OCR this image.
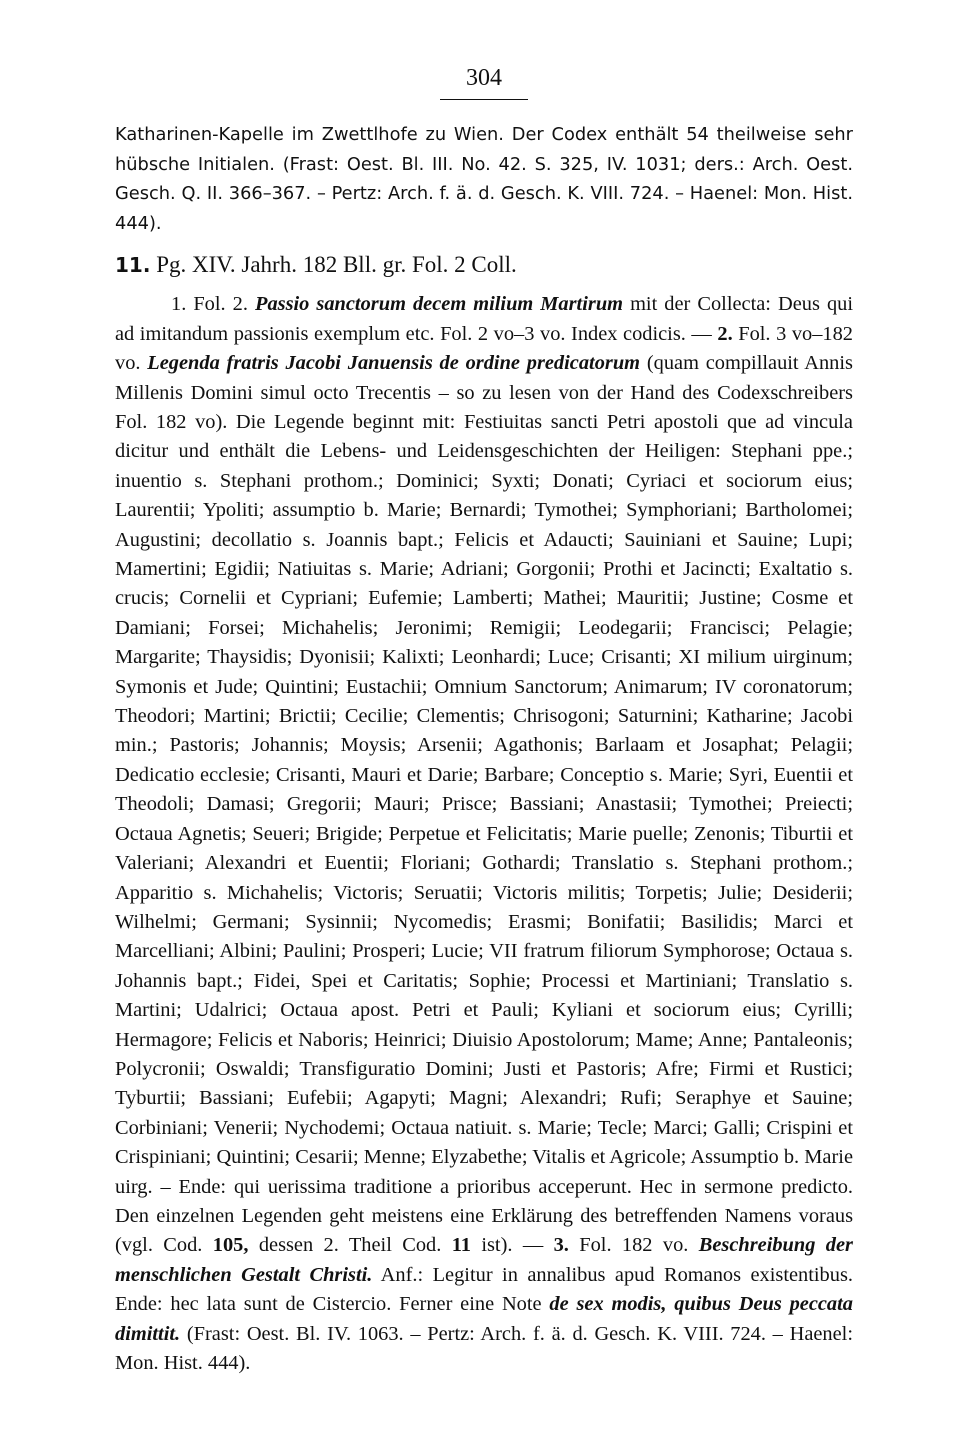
304

Katharinen-Kapelle im Zwettlhofe zu Wien. Der Codex enthält 54 theilweise sehr hübsche Initialen. (Frast: Oest. Bl. III. No. 42. S. 325, IV. 1031; ders.: Arch. Oest. Gesch. Q. II. 366–367. – Pertz: Arch. f. ä. d. Gesch. K. VIII. 724. – Haenel: Mon. Hist. 444).

11. Pg. XIV. Jahrh. 182 Bll. gr. Fol. 2 Coll.

1. Fol. 2. Passio sanctorum decem milium Martirum mit der Collecta: Deus qui ad imitandum passionis exemplum etc. Fol. 2 vo–3 vo. Index codicis. — 2. Fol. 3 vo–182 vo. Legenda fratris Jacobi Januensis de ordine predicatorum (quam compillauit Annis Millenis Domini simul octo Trecentis – so zu lesen von der Hand des Codexschreibers Fol. 182 vo). Die Legende beginnt mit: Festiuitas sancti Petri apostoli que ad vincula dicitur und enthält die Lebens- und Leidensgeschichten der Heiligen: Stephani ppe.; inuentio s. Stephani prothom.; Dominici; Syxti; Donati; Cyriaci et sociorum eius; Laurentii; Ypoliti; assumptio b. Marie; Bernardi; Tymothei; Symphoriani; Bartholomei; Augustini; decollatio s. Joannis bapt.; Felicis et Adaucti; Sauiniani et Sauine; Lupi; Mamertini; Egidii; Natiuitas s. Marie; Adriani; Gorgonii; Prothi et Jacincti; Exaltatio s. crucis; Cornelii et Cypriani; Eufemie; Lamberti; Mathei; Mauritii; Justine; Cosme et Damiani; Forsei; Michahelis; Jeronimi; Remigii; Leodegarii; Francisci; Pelagie; Margarite; Thaysidis; Dyonisii; Kalixti; Leonhardi; Luce; Crisanti; XI milium uirginum; Symonis et Jude; Quintini; Eustachii; Omnium Sanctorum; Animarum; IV coronatorum; Theodori; Martini; Brictii; Cecilie; Clementis; Chrisogoni; Saturnini; Katharine; Jacobi min.; Pastoris; Johannis; Moysis; Arsenii; Agathonis; Barlaam et Josaphat; Pelagii; Dedicatio ecclesie; Crisanti, Mauri et Darie; Barbare; Conceptio s. Marie; Syri, Euentii et Theodoli; Damasi; Gregorii; Mauri; Prisce; Bassiani; Anastasii; Tymothei; Preiecti; Octaua Agnetis; Seueri; Brigide; Perpetue et Felicitatis; Marie puelle; Zenonis; Tiburtii et Valeriani; Alexandri et Euentii; Floriani; Gothardi; Translatio s. Stephani prothom.; Apparitio s. Michahelis; Victoris; Seruatii; Victoris militis; Torpetis; Julie; Desiderii; Wilhelmi; Germani; Sysinnii; Nycomedis; Erasmi; Bonifatii; Basilidis; Marci et Marcelliani; Albini; Paulini; Prosperi; Lucie; VII fratrum filiorum Symphorose; Octaua s. Johannis bapt.; Fidei, Spei et Caritatis; Sophie; Processi et Martiniani; Translatio s. Martini; Udalrici; Octaua apost. Petri et Pauli; Kyliani et sociorum eius; Cyrilli; Hermagore; Felicis et Naboris; Heinrici; Diuisio Apostolorum; Mame; Anne; Pantaleonis; Polycronii; Oswaldi; Transfiguratio Domini; Justi et Pastoris; Afre; Firmi et Rustici; Tyburtii; Bassiani; Eufebii; Agapyti; Magni; Alexandri; Rufi; Seraphye et Sauine; Corbiniani; Venerii; Nychodemi; Octaua natiuit. s. Marie; Tecle; Marci; Galli; Crispini et Crispiniani; Quintini; Cesarii; Menne; Elyzabethe; Vitalis et Agricole; Assumptio b. Marie uirg. – Ende: qui uerissima traditione a prioribus acceperunt. Hec in sermone predicto. Den einzelnen Legenden geht meistens eine Erklärung des betreffenden Namens voraus (vgl. Cod. 105, dessen 2. Theil Cod. 11 ist). — 3. Fol. 182 vo. Beschreibung der menschlichen Gestalt Christi. Anf.: Legitur in annalibus apud Romanos existentibus. Ende: hec lata sunt de Cistercio. Ferner eine Note de sex modis, quibus Deus peccata dimittit. (Frast: Oest. Bl. IV. 1063. – Pertz: Arch. f. ä. d. Gesch. K. VIII. 724. – Haenel: Mon. Hist. 444).
